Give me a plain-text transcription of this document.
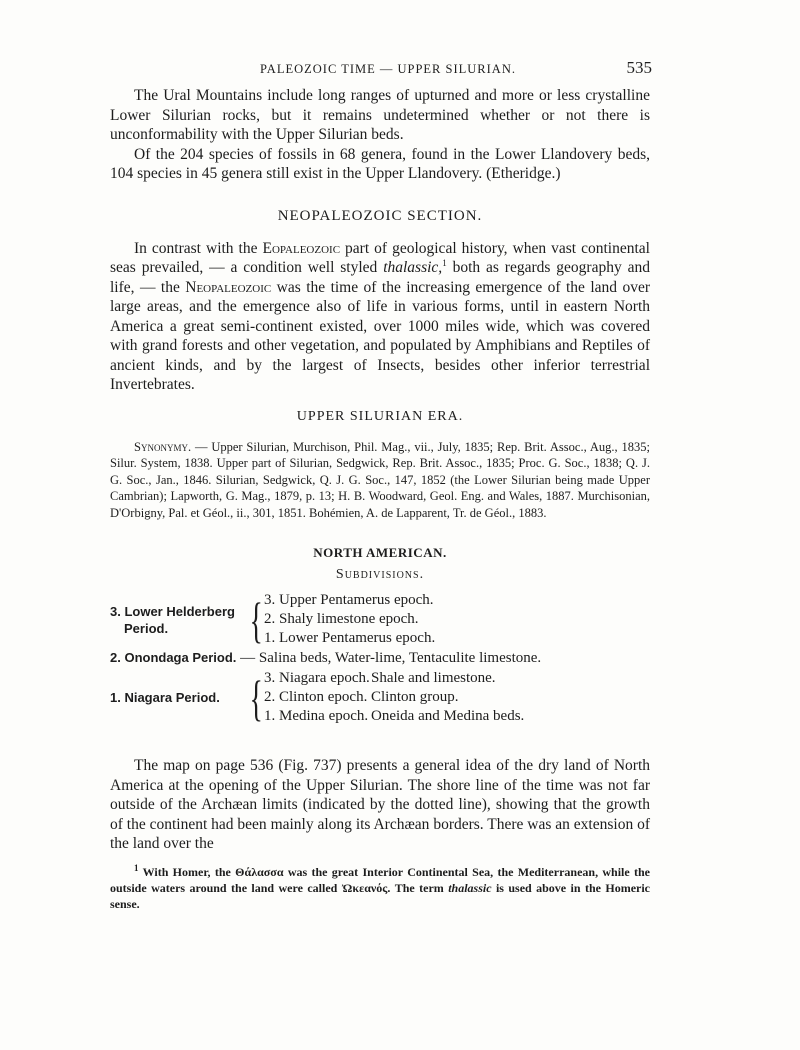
PALEOZOIC TIME — UPPER SILURIAN.	535

The Ural Mountains include long ranges of upturned and more or less crystalline Lower Silurian rocks, but it remains undetermined whether or not there is unconformability with the Upper Silurian beds.

Of the 204 species of fossils in 68 genera, found in the Lower Llandovery beds, 104 species in 45 genera still exist in the Upper Llandovery. (Etheridge.)

NEOPALEOZOIC SECTION.

In contrast with the Eopaleozoic part of geological history, when vast continental seas prevailed, — a condition well styled thalassic,$^1$ both as regards geography and life, — the Neopaleozoic was the time of the increasing emergence of the land over large areas, and the emergence also of life in various forms, until in eastern North America a great semi-continent existed, over 1000 miles wide, which was covered with grand forests and other vegetation, and populated by Amphibians and Reptiles of ancient kinds, and by the largest of Insects, besides other inferior terrestrial Invertebrates.

UPPER SILURIAN ERA.

Synonymy. — Upper Silurian, Murchison, Phil. Mag., vii., July, 1835; Rep. Brit. Assoc., Aug., 1835; Silur. System, 1838. Upper part of Silurian, Sedgwick, Rep. Brit. Assoc., 1835; Proc. G. Soc., 1838; Q. J. G. Soc., Jan., 1846. Silurian, Sedgwick, Q. J. G. Soc., 147, 1852 (the Lower Silurian being made Upper Cambrian); Lapworth, G. Mag., 1879, p. 13; H. B. Woodward, Geol. Eng. and Wales, 1887. Murchisonian, D'Orbigny, Pal. et Géol., ii., 301, 1851. Bohémien, A. de Lapparent, Tr. de Géol., 1883.

NORTH AMERICAN.
Subdivisions.
3. Lower Helderberg
Period.	{ 3. Upper Pentamerus epoch.
2. Shaly limestone epoch.
1. Lower Pentamerus epoch.
2. Onondaga Period. — Salina beds, Water-lime, Tentaculite limestone.
1. Niagara Period. { 3. Niagara epoch. Shale and limestone.
2. Clinton epoch. Clinton group.
1. Medina epoch. Oneida and Medina beds.

The map on page 536 (Fig. 737) presents a general idea of the dry land of North America at the opening of the Upper Silurian. The shore line of the time was not far outside of the Archæan limits (indicated by the dotted line), showing that the growth of the continent had been mainly along its Archæan borders. There was an extension of the land over the

$^1$ With Homer, the Θάλασσα was the great Interior Continental Sea, the Mediterranean, while the outside waters around the land were called Ὠκεανός. The term thalassic is used above in the Homeric sense.
